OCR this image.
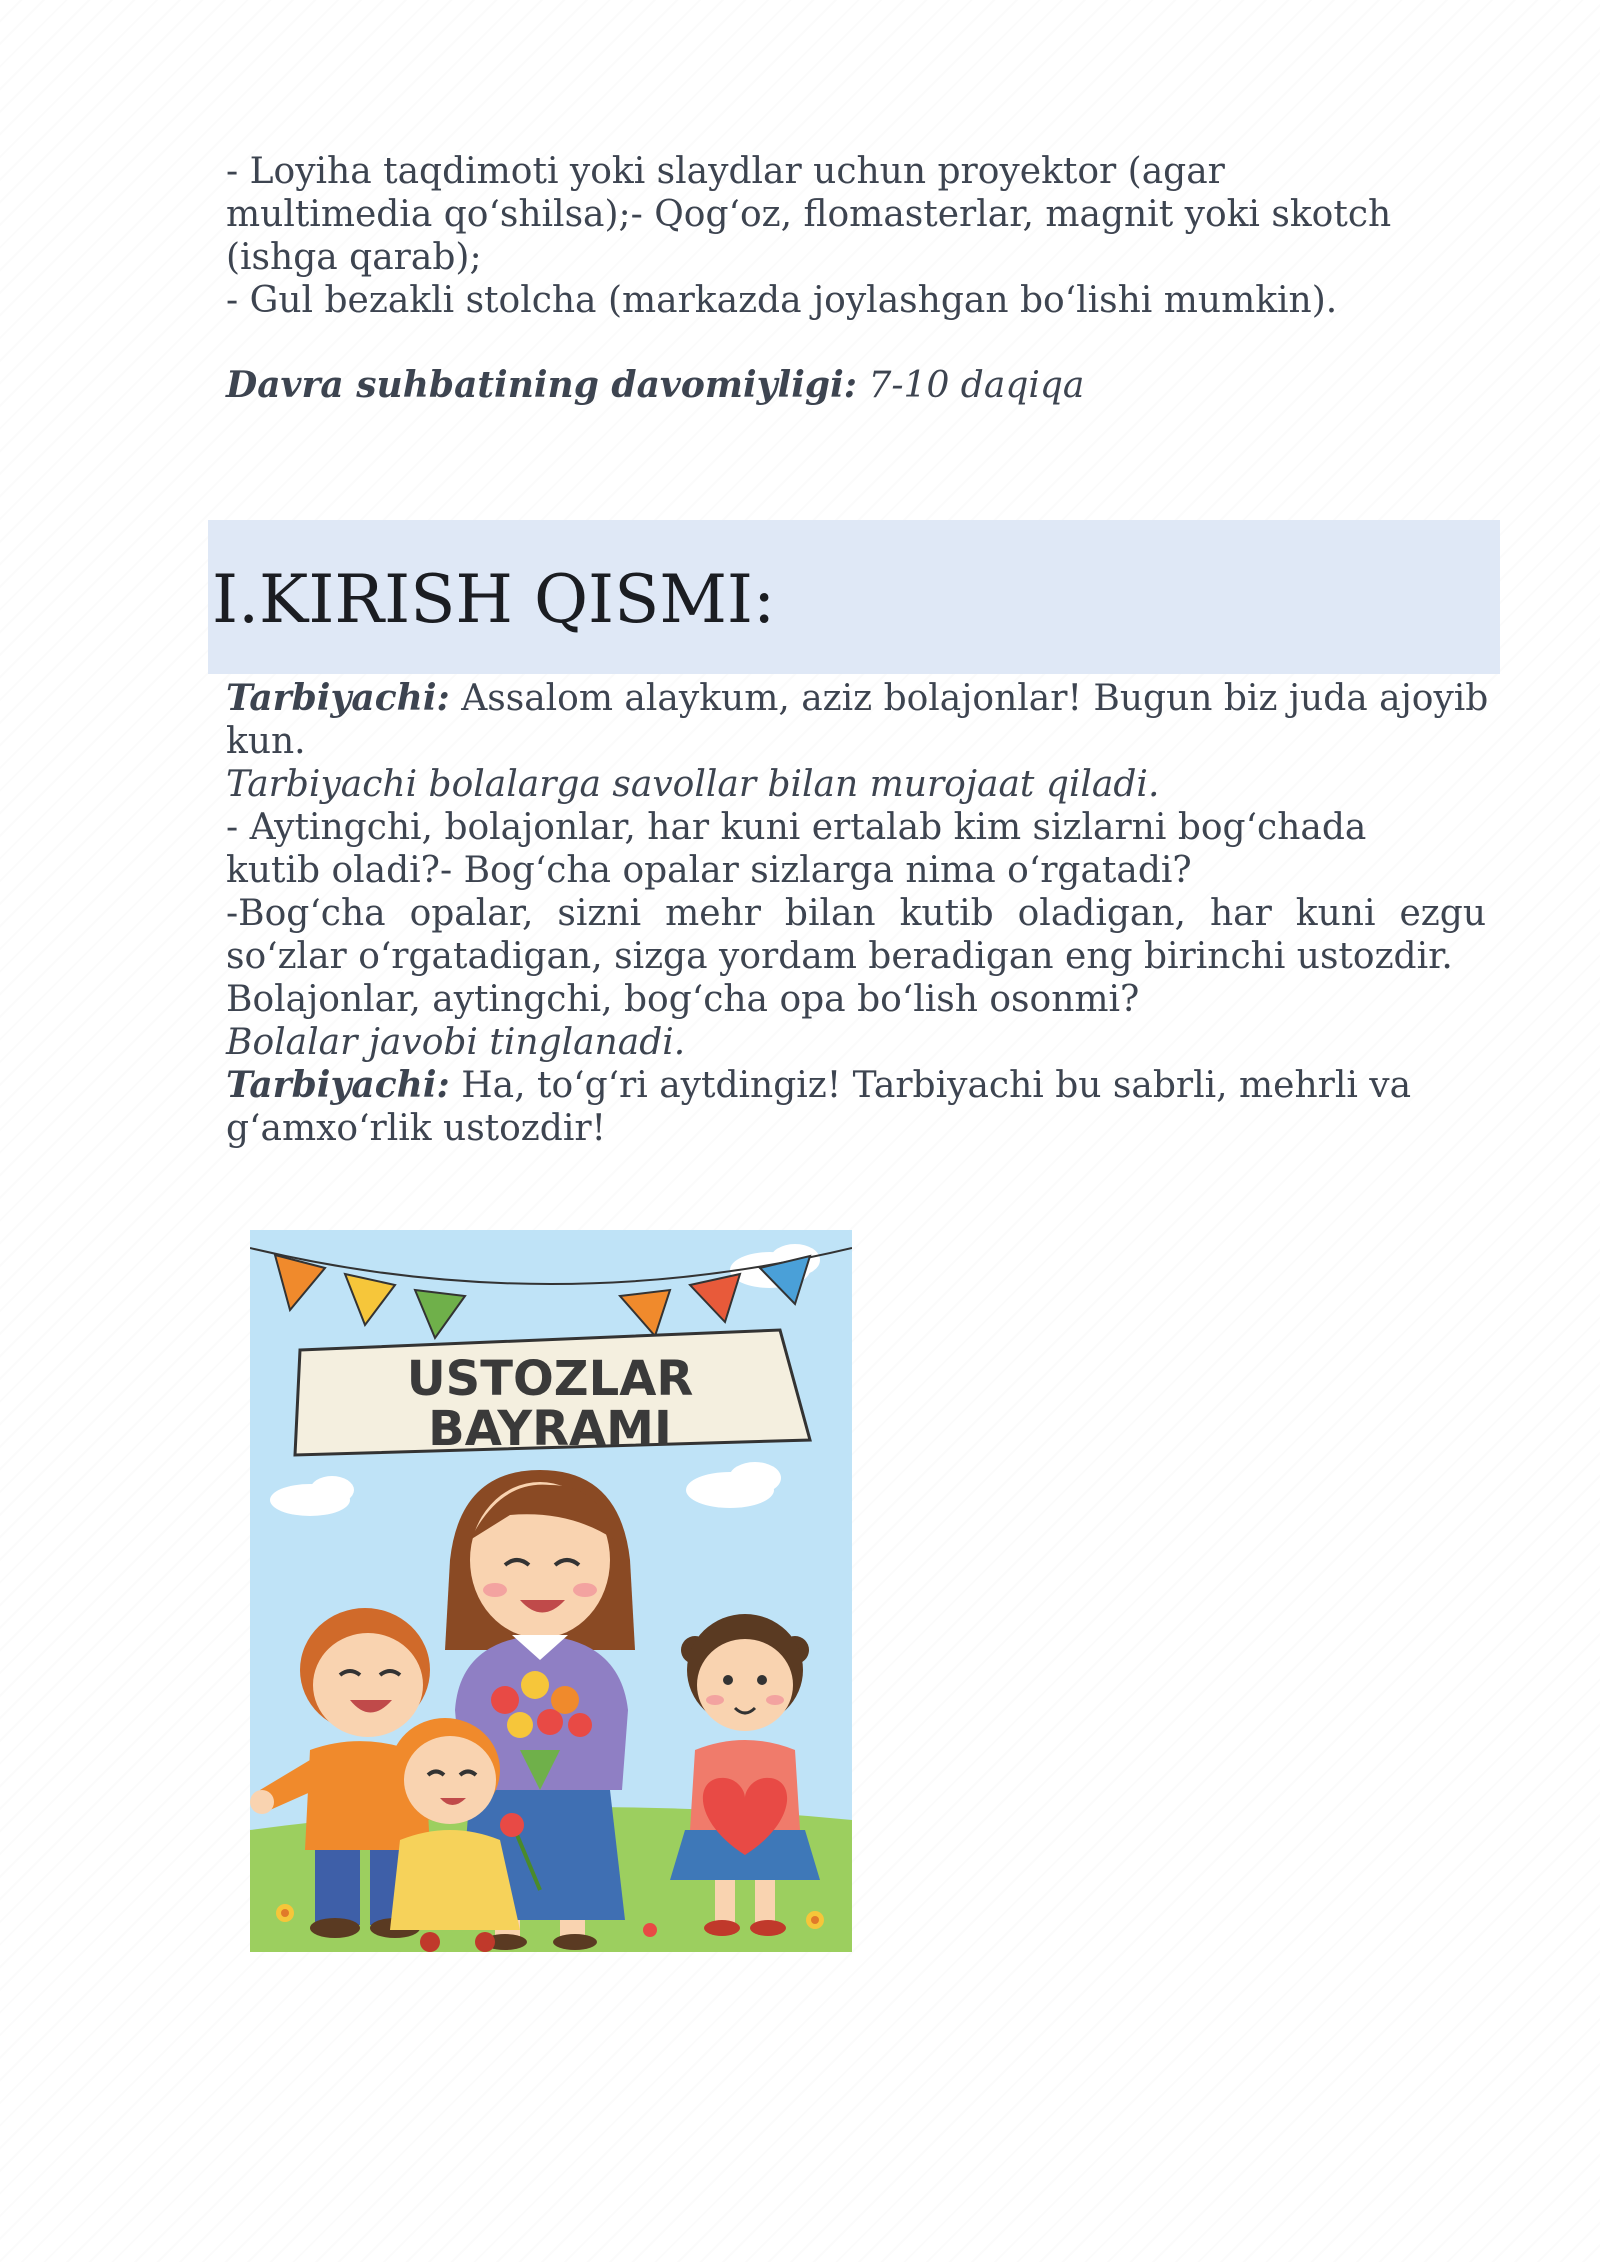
- Loyiha taqdimoti yoki slaydlar uchun proyektor (agar
multimedia qo‘shilsa);- Qog‘oz, flomasterlar, magnit yoki skotch
(ishga qarab);
- Gul bezakli stolcha (markazda joylashgan bo‘lishi mumkin).
Davra suhbatining davomiyligi: 7-10 daqiqa
I.KIRISH QISMI:
Tarbiyachi: Assalom alaykum, aziz bolajonlar! Bugun biz juda ajoyib
kun.
Tarbiyachi bolalarga savollar bilan murojaat qiladi.
- Aytingchi, bolajonlar, har kuni ertalab kim sizlarni bog‘chada
kutib oladi?- Bog‘cha opalar sizlarga nima o‘rgatadi?
-Bog‘cha opalar, sizni mehr bilan kutib oladigan, har kuni ezgu so‘zlar o‘rgatadigan, sizga yordam beradigan eng birinchi ustozdir.
Bolajonlar, aytingchi, bog‘cha opa bo‘lish osonmi?
Bolalar javobi tinglanadi.
Tarbiyachi: Ha, to‘g‘ri aytdingiz! Tarbiyachi bu sabrli, mehrli va
g‘amxo‘rlik ustozdir!
USTOZLAR
BAYRAMI
